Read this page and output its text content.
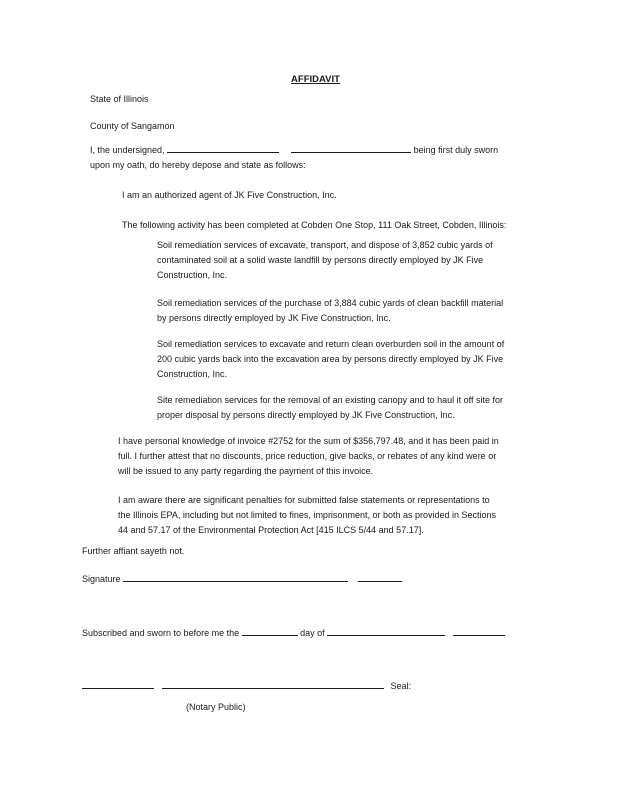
AFFIDAVIT
State of Illinois
County of Sangamon
I, the undersigned,	being first duly sworn
upon my oath, do hereby depose and state as follows:
I am an authorized agent of JK Five Construction, Inc.
The following activity has been completed at Cobden One Stop, 111 Oak Street, Cobden, Illinois:
Soil remediation services of excavate, transport, and dispose of 3,852 cubic yards of
contaminated soil at a solid waste landfill by persons directly employed by JK Five
Construction, Inc.
Soil remediation services of the purchase of 3,884 cubic yards of clean backfill material
by persons directly employed by JK Five Construction, Inc.
Soil remediation services to excavate and return clean overburden soil in the amount of
200 cubic yards back into the excavation area by persons directly employed by JK Five
Construction, Inc.
Site remediation services for the removal of an existing canopy and to haul it off site for
proper disposal by persons directly employed by JK Five Construction, Inc.
I have personal knowledge of invoice #2752 for the sum of $356,797.48, and it has been paid in
full. I further attest that no discounts, price reduction, give backs, or rebates of any kind were or
will be issued to any party regarding the payment of this invoice.
I am aware there are significant penalties for submitted false statements or representations to
the Illinois EPA, including but not limited to fines, imprisonment, or both as provided in Sections
44 and 57.17 of the Environmental Protection Act [415 ILCS 5/44 and 57.17].
Further affiant sayeth not.
Signature
Subscribed and sworn to before me the	day of
Seal:
(Notary Public)
